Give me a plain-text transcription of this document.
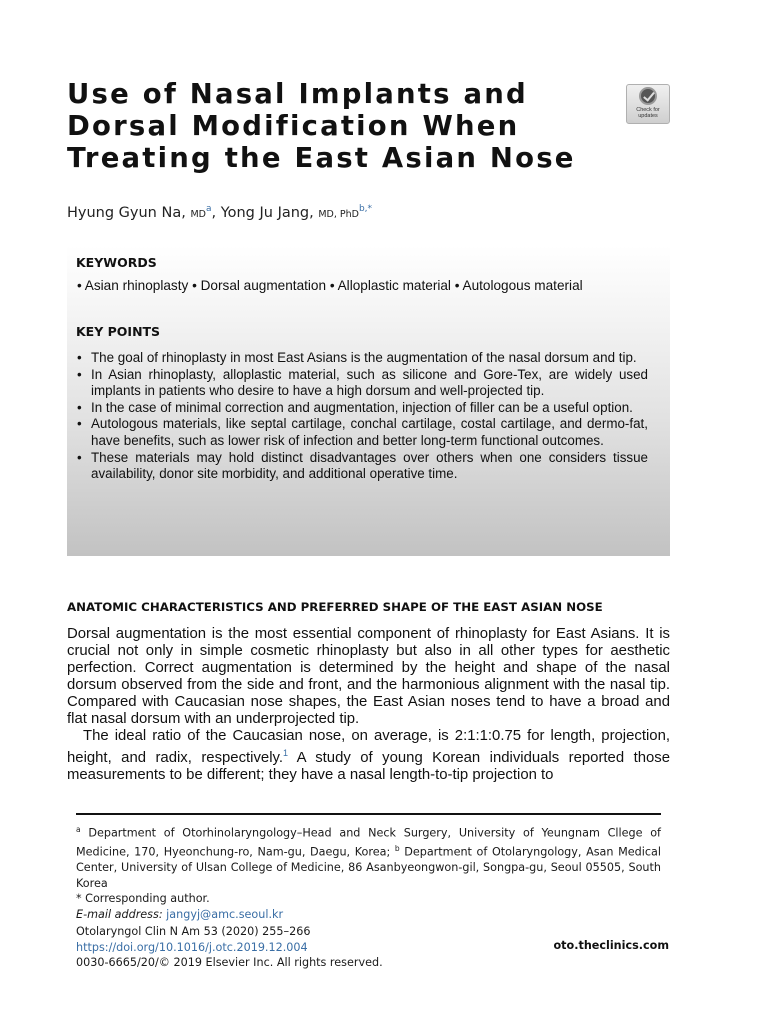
Use of Nasal Implants and
Dorsal Modification When
Treating the East Asian Nose
Check for updates
Hyung Gyun Na, $MD^a$, Yong Ju Jang, MD, PhD$^{b,*}$
KEYWORDS
• Asian rhinoplasty • Dorsal augmentation • Alloplastic material • Autologous material
KEY POINTS
• The goal of rhinoplasty in most East Asians is the augmentation of the nasal dorsum and tip.
• In Asian rhinoplasty, alloplastic material, such as silicone and Gore-Tex, are widely used implants in patients who desire to have a high dorsum and well-projected tip.
• In the case of minimal correction and augmentation, injection of filler can be a useful option.
• Autologous materials, like septal cartilage, conchal cartilage, costal cartilage, and dermo-fat, have benefits, such as lower risk of infection and better long-term functional outcomes.
• These materials may hold distinct disadvantages over others when one considers tissue availability, donor site morbidity, and additional operative time.
ANATOMIC CHARACTERISTICS AND PREFERRED SHAPE OF THE EAST ASIAN NOSE

Dorsal augmentation is the most essential component of rhinoplasty for East Asians. It is crucial not only in simple cosmetic rhinoplasty but also in all other types for aesthetic perfection. Correct augmentation is determined by the height and shape of the nasal dorsum observed from the side and front, and the harmonious alignment with the nasal tip. Compared with Caucasian nose shapes, the East Asian noses tend to have a broad and flat nasal dorsum with an underprojected tip.

The ideal ratio of the Caucasian nose, on average, is 2:1:1:0.75 for length, projection, height, and radix, respectively.$^1$ A study of young Korean individuals reported those measurements to be different; they have a nasal length-to-tip projection to

$^a$ Department of Otorhinolaryngology–Head and Neck Surgery, University of Yeungnam Cllege of Medicine, 170, Hyeonchung-ro, Nam-gu, Daegu, Korea; $^b$ Department of Otolaryngology, Asan Medical Center, University of Ulsan College of Medicine, 86 Asanbyeongwon-gil, Songpa-gu, Seoul 05505, South Korea
* Corresponding author.
E-mail address: jangyj@amc.seoul.kr
Otolaryngol Clin N Am 53 (2020) 255–266
https://doi.org/10.1016/j.otc.2019.12.004
0030-6665/20/© 2019 Elsevier Inc. All rights reserved.
oto.theclinics.com
